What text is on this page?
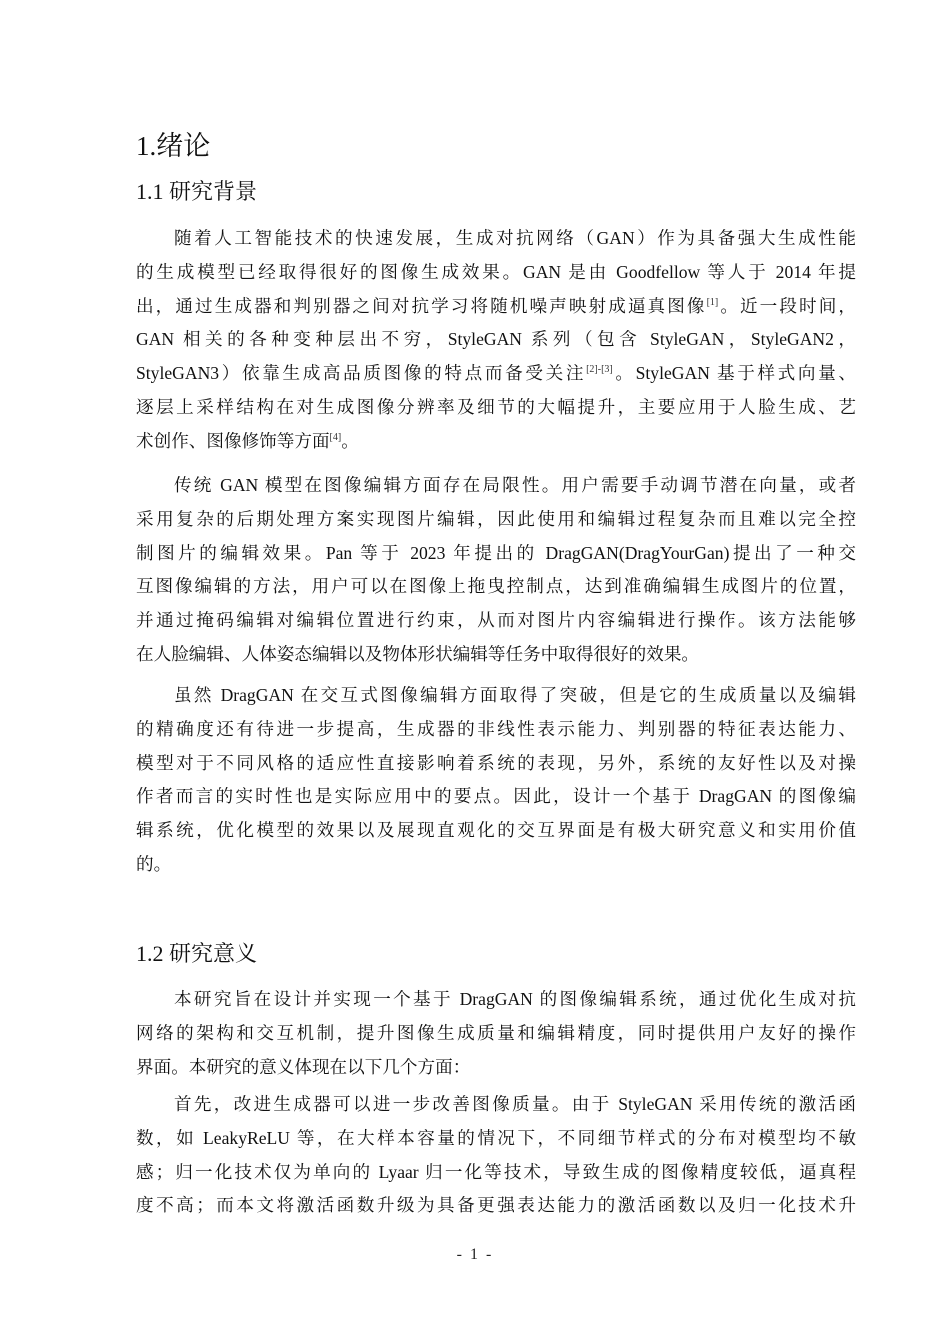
1.绪论
1.1 研究背景
随着人工智能技术的快速发展，生成对抗网络（GAN）作为具备强大生成性能
的生成模型已经取得很好的图像生成效果。GAN 是由 Goodfellow 等人于 2014 年提
出，通过生成器和判别器之间对抗学习将随机噪声映射成逼真图像[1]。近一段时间，
GAN 相关的各种变种层出不穷，StyleGAN 系列（包含 StyleGAN，StyleGAN2，
StyleGAN3）依靠生成高品质图像的特点而备受关注[2]-[3]。StyleGAN 基于样式向量、
逐层上采样结构在对生成图像分辨率及细节的大幅提升，主要应用于人脸生成、艺
术创作、图像修饰等方面[4]。
传统 GAN 模型在图像编辑方面存在局限性。用户需要手动调节潜在向量，或者
采用复杂的后期处理方案实现图片编辑，因此使用和编辑过程复杂而且难以完全控
制图片的编辑效果。Pan 等于 2023 年提出的 DragGAN(DragYourGan)提出了一种交
互图像编辑的方法，用户可以在图像上拖曳控制点，达到准确编辑生成图片的位置，
并通过掩码编辑对编辑位置进行约束，从而对图片内容编辑进行操作。该方法能够
在人脸编辑、人体姿态编辑以及物体形状编辑等任务中取得很好的效果。
虽然 DragGAN 在交互式图像编辑方面取得了突破，但是它的生成质量以及编辑
的精确度还有待进一步提高，生成器的非线性表示能力、判别器的特征表达能力、
模型对于不同风格的适应性直接影响着系统的表现，另外，系统的友好性以及对操
作者而言的实时性也是实际应用中的要点。因此，设计一个基于 DragGAN 的图像编
辑系统，优化模型的效果以及展现直观化的交互界面是有极大研究意义和实用价值
的。
1.2 研究意义
本研究旨在设计并实现一个基于 DragGAN 的图像编辑系统，通过优化生成对抗
网络的架构和交互机制，提升图像生成质量和编辑精度，同时提供用户友好的操作
界面。本研究的意义体现在以下几个方面：
首先，改进生成器可以进一步改善图像质量。由于 StyleGAN 采用传统的激活函
数，如 LeakyReLU 等，在大样本容量的情况下，不同细节样式的分布对模型均不敏
感；归一化技术仅为单向的 Lyaar 归一化等技术，导致生成的图像精度较低，逼真程
度不高；而本文将激活函数升级为具备更强表达能力的激活函数以及归一化技术升
- 1 -
